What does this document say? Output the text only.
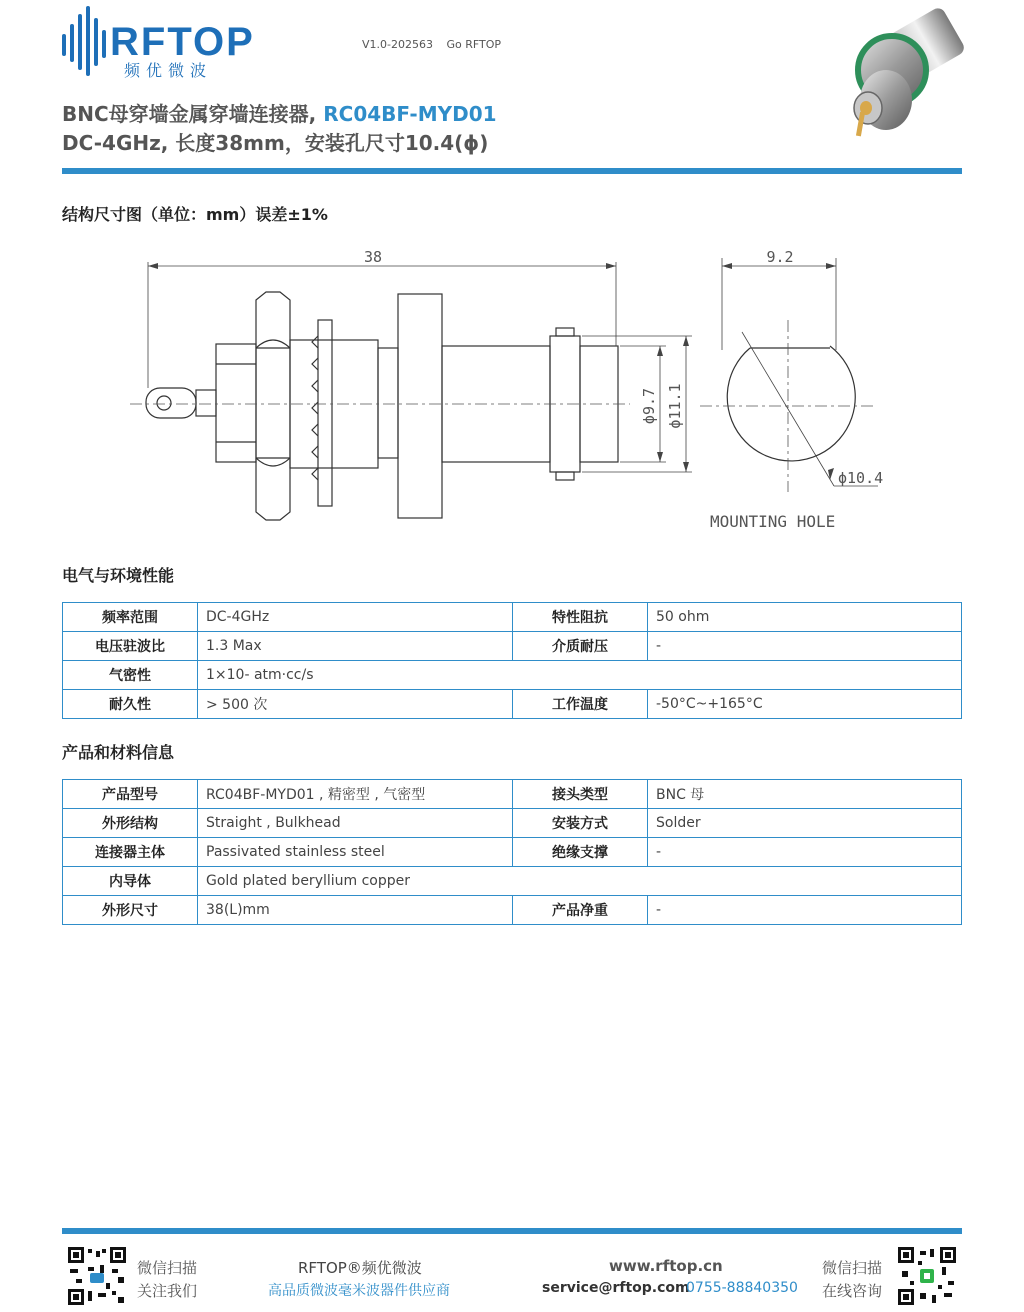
RFTOP
频优微波
V1.0-202563 Go RFTOP
BNC母穿墙金属穿墙连接器, RC04BF-MYD01
DC-4GHz, 长度38mm，安装孔尺寸10.4(ϕ)
结构尺寸图（单位：mm）误差±1%
38	9.2
ϕ9.7 ϕ11.1
ϕ10.4
MOUNTING HOLE
电气与环境性能
频率范围	DC-4GHz	特性阻抗	50 ohm
电压驻波比	1.3 Max	介质耐压	-
气密性	1×10- atm·cc/s		
耐久性	> 500 次	工作温度	-50°C~+165°C
产品和材料信息
产品型号	RC04BF-MYD01 , 精密型 , 气密型	接头类型	BNC 母
外形结构	Straight , Bulkhead	安装方式	Solder
连接器主体	Passivated stainless steel	绝缘支撑	-
内导体	Gold plated beryllium copper		
外形尺寸	38(L)mm	产品净重	-
微信扫描
关注我们
RFTOP®频优微波
高品质微波毫米波器件供应商
www.rftop.cn
service@rftop.com
0755-88840350
微信扫描
在线咨询
